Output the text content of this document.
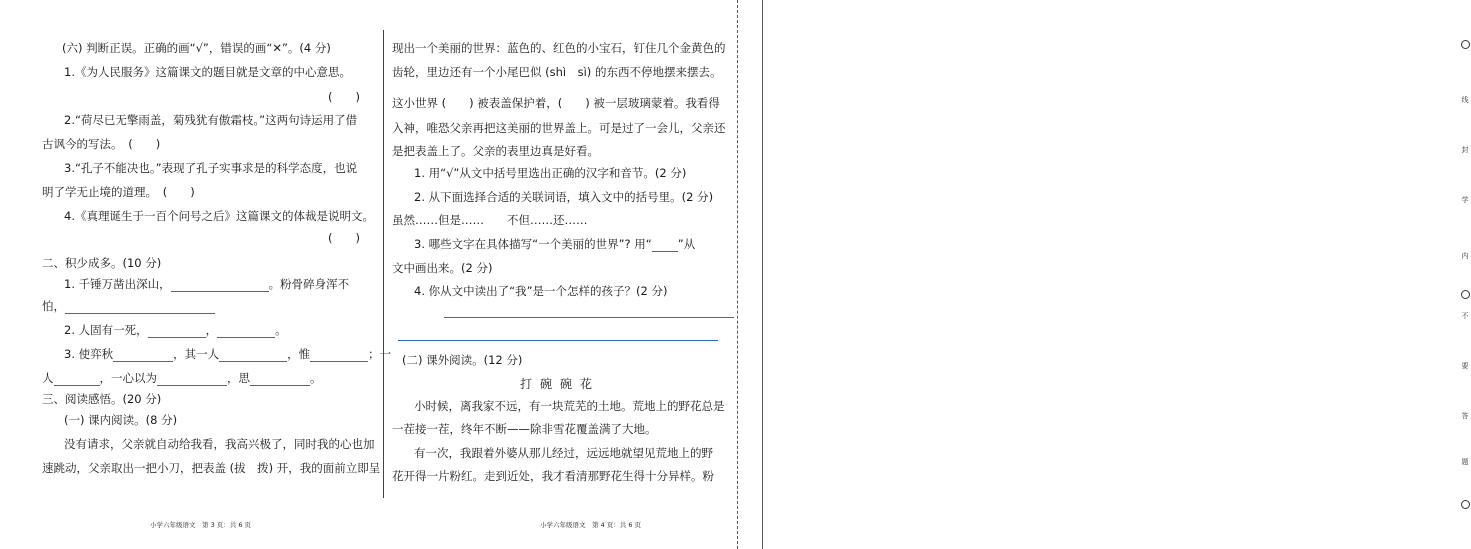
(六) 判断正误。正确的画“√”，错误的画“✕”。(4 分)
1.《为人民服务》这篇课文的题目就是文章的中心意思。
(　　)
2.“荷尽已无擎雨盖，菊残犹有傲霜枝。”这两句诗运用了借
古讽今的写法。　(　　)
3.“孔子不能决也。”表现了孔子实事求是的科学态度，也说
明了学无止境的道理。　(　　)
4.《真理诞生于一百个问号之后》这篇课文的体裁是说明文。
(　　)
二、积少成多。(10 分)
1. 千锤万凿出深山，	。粉骨碎身浑不
怕，
2. 人固有一死，	，	。
3. 使弈秋	，其一人	，惟	；一
人	，一心以为	，思	。
三、阅读感悟。(20 分)
(一) 课内阅读。(8 分)
没有请求，父亲就自动给我看，我高兴极了，同时我的心也加
速跳动，父亲取出一把小刀，把表盖 (拔　拨) 开，我的面前立即呈
小学六年级语文　第 3 页：共 6 页
现出一个美丽的世界：蓝色的、红色的小宝石，钉住几个金黄色的
齿轮，里边还有一个小尾巴似 (shì　sì) 的东西不停地摆来摆去。
这小世界 (　　) 被表盖保护着，(　　) 被一层玻璃蒙着。我看得
入神，唯恐父亲再把这美丽的世界盖上。可是过了一会儿，父亲还
是把表盖上了。父亲的表里边真是好看。
1. 用“√”从文中括号里选出正确的汉字和音节。(2 分)
2. 从下面选择合适的关联词语，填入文中的括号里。(2 分)
虽然……但是……　　不但……还……
3. 哪些文字在具体描写“一个美丽的世界”? 用“ ”从
文中画出来。(2 分)
4. 你从文中读出了“我”是一个怎样的孩子？(2 分)
(二) 课外阅读。(12 分)
打碗碗花
小时候，离我家不远，有一块荒芜的土地。荒地上的野花总是
一茬接一茬，终年不断——除非雪花覆盖满了大地。
有一次，我跟着外婆从那儿经过，远远地就望见荒地上的野
花开得一片粉红。走到近处，我才看清那野花生得十分异样。粉
小学六年级语文　第 4 页：共 6 页
线
封
学
内
不
要
答
题
